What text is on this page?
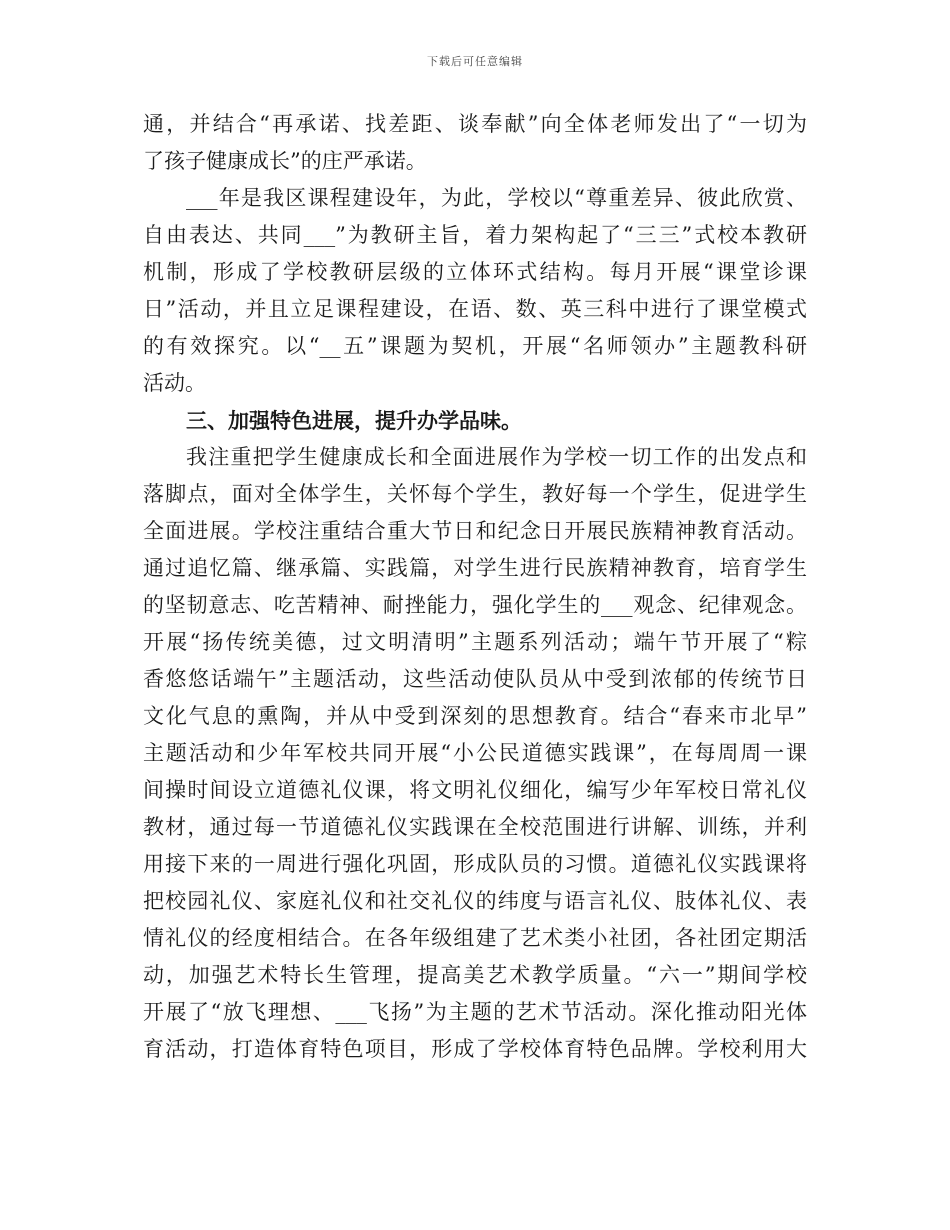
下载后可任意编辑
通，并结合“再承诺、找差距、谈奉献”向全体老师发出了“一切为
了孩子健康成长”的庄严承诺。
___年是我区课程建设年，为此，学校以“尊重差异、彼此欣赏、
自由表达、共同___”为教研主旨，着力架构起了“三三”式校本教研
机制，形成了学校教研层级的立体环式结构。每月开展“课堂诊课
日”活动，并且立足课程建设，在语、数、英三科中进行了课堂模式
的有效探究。以“__五”课题为契机，开展“名师领办”主题教科研
活动。
三、加强特色进展，提升办学品味。
我注重把学生健康成长和全面进展作为学校一切工作的出发点和
落脚点，面对全体学生，关怀每个学生，教好每一个学生，促进学生
全面进展。学校注重结合重大节日和纪念日开展民族精神教育活动。
通过追忆篇、继承篇、实践篇，对学生进行民族精神教育，培育学生
的坚韧意志、吃苦精神、耐挫能力，强化学生的___观念、纪律观念。
开展“扬传统美德，过文明清明”主题系列活动；端午节开展了“粽
香悠悠话端午”主题活动，这些活动使队员从中受到浓郁的传统节日
文化气息的熏陶，并从中受到深刻的思想教育。结合“春来市北早”
主题活动和少年军校共同开展“小公民道德实践课”，在每周周一课
间操时间设立道德礼仪课，将文明礼仪细化，编写少年军校日常礼仪
教材，通过每一节道德礼仪实践课在全校范围进行讲解、训练，并利
用接下来的一周进行强化巩固，形成队员的习惯。道德礼仪实践课将
把校园礼仪、家庭礼仪和社交礼仪的纬度与语言礼仪、肢体礼仪、表
情礼仪的经度相结合。在各年级组建了艺术类小社团，各社团定期活
动，加强艺术特长生管理，提高美艺术教学质量。“六一”期间学校
开展了“放飞理想、___飞扬”为主题的艺术节活动。深化推动阳光体
育活动，打造体育特色项目，形成了学校体育特色品牌。学校利用大
